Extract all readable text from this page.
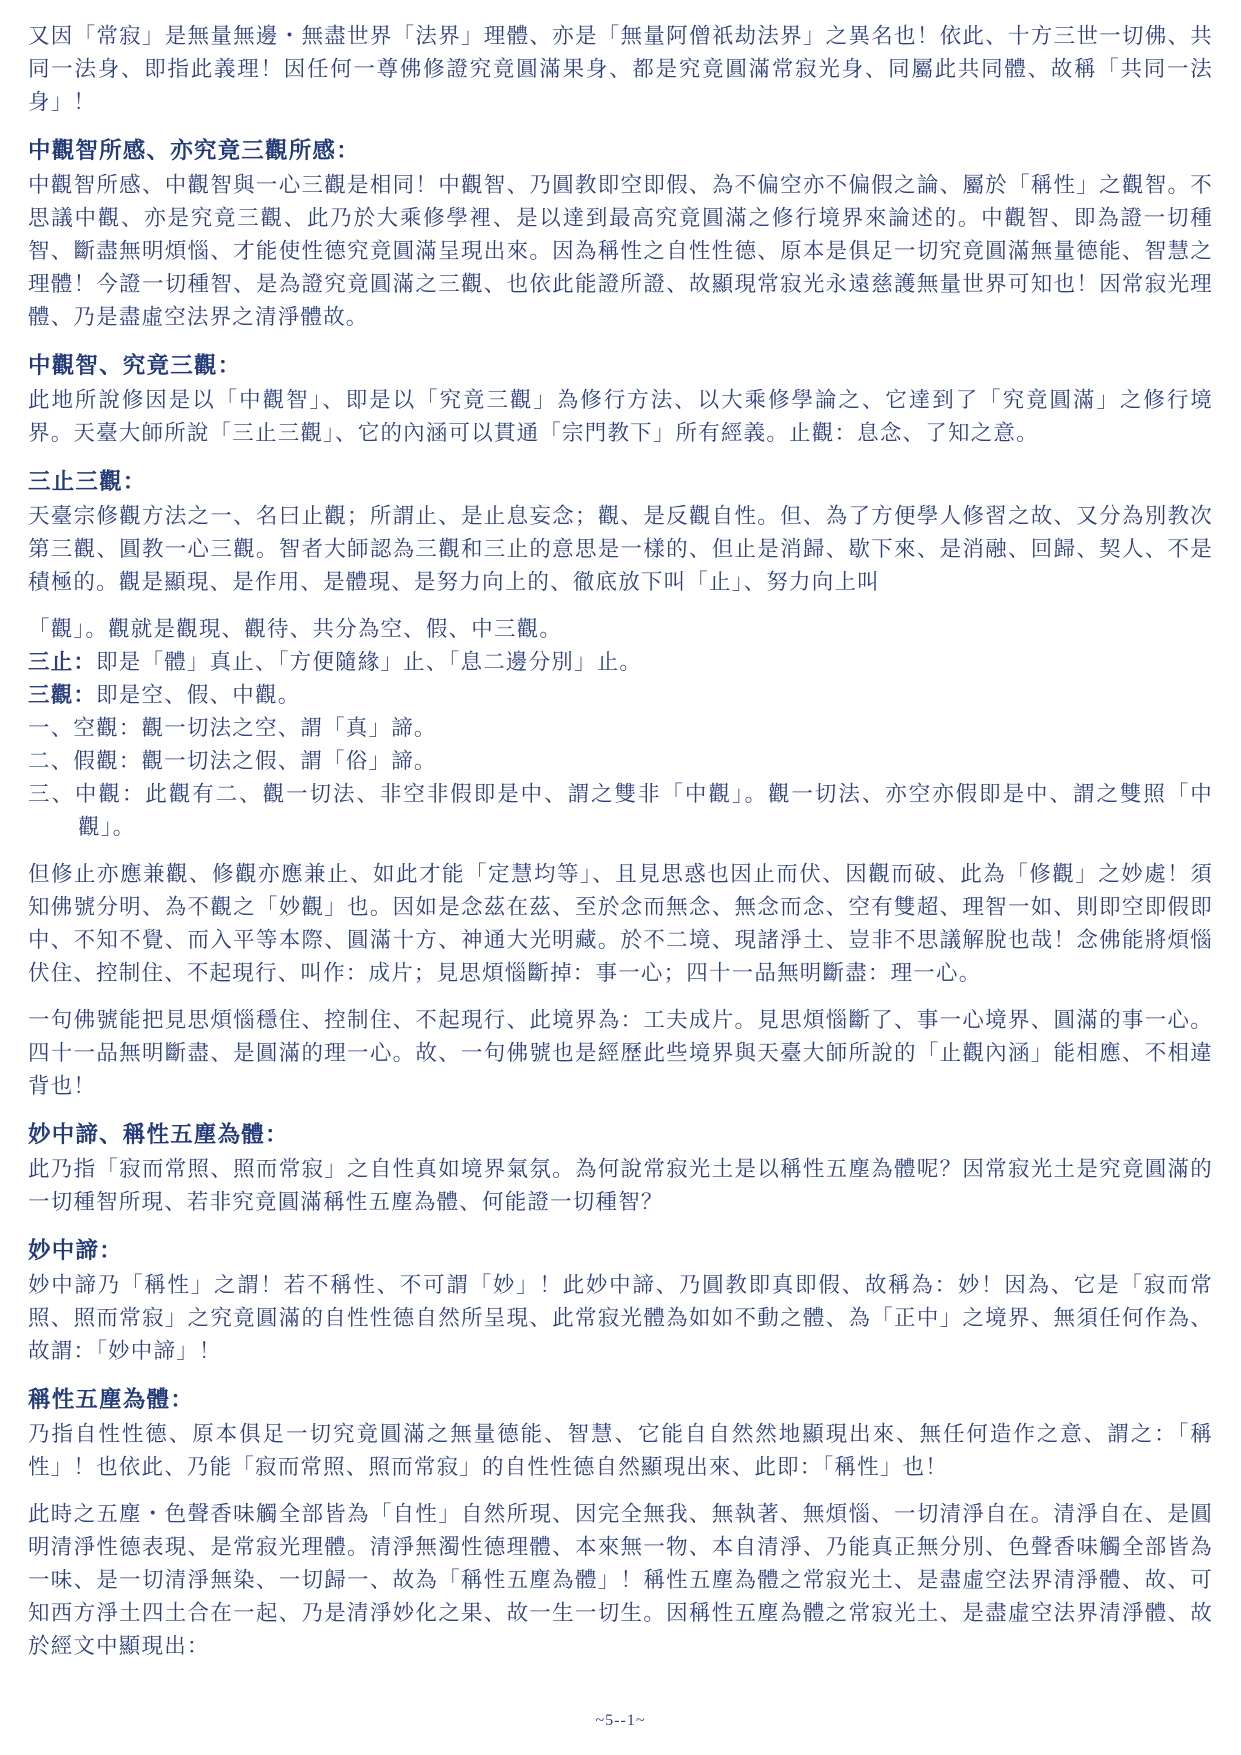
又因「常寂」是無量無邊・無盡世界「法界」理體、亦是「無量阿僧祇劫法界」之異名也！依此、十方三世一切佛、共同一法身、即指此義理！因任何一尊佛修證究竟圓滿果身、都是究竟圓滿常寂光身、同屬此共同體、故稱「共同一法身」！

中觀智所感、亦究竟三觀所感：

中觀智所感、中觀智與一心三觀是相同！中觀智、乃圓教即空即假、為不偏空亦不偏假之論、屬於「稱性」之觀智。不思議中觀、亦是究竟三觀、此乃於大乘修學裡、是以達到最高究竟圓滿之修行境界來論述的。中觀智、即為證一切種智、斷盡無明煩惱、才能使性德究竟圓滿呈現出來。因為稱性之自性性德、原本是俱足一切究竟圓滿無量德能、智慧之理體！今證一切種智、是為證究竟圓滿之三觀、也依此能證所證、故顯現常寂光永遠慈護無量世界可知也！因常寂光理體、乃是盡虛空法界之清淨體故。

中觀智、究竟三觀：

此地所說修因是以「中觀智」、即是以「究竟三觀」為修行方法、以大乘修學論之、它達到了「究竟圓滿」之修行境界。天臺大師所說「三止三觀」、它的內涵可以貫通「宗門教下」所有經義。止觀：息念、了知之意。

三止三觀：

天臺宗修觀方法之一、名曰止觀；所謂止、是止息妄念；觀、是反觀自性。但、為了方便學人修習之故、又分為別教次第三觀、圓教一心三觀。智者大師認為三觀和三止的意思是一樣的、但止是消歸、歇下來、是消融、回歸、契人、不是積極的。觀是顯現、是作用、是體現、是努力向上的、徹底放下叫「止」、努力向上叫

「觀」。觀就是觀現、觀待、共分為空、假、中三觀。

三止：即是「體」真止、「方便隨緣」止、「息二邊分別」止。

三觀：即是空、假、中觀。

一、空觀：觀一切法之空、謂「真」諦。

二、假觀：觀一切法之假、謂「俗」諦。

三、中觀：此觀有二、觀一切法、非空非假即是中、謂之雙非「中觀」。觀一切法、亦空亦假即是中、謂之雙照「中觀」。

但修止亦應兼觀、修觀亦應兼止、如此才能「定慧均等」、且見思惑也因止而伏、因觀而破、此為「修觀」之妙處！須知佛號分明、為不觀之「妙觀」也。因如是念茲在茲、至於念而無念、無念而念、空有雙超、理智一如、則即空即假即中、不知不覺、而入平等本際、圓滿十方、神通大光明藏。於不二境、現諸淨土、豈非不思議解脫也哉！念佛能將煩惱伏住、控制住、不起現行、叫作：成片；見思煩惱斷掉：事一心；四十一品無明斷盡：理一心。

一句佛號能把見思煩惱穩住、控制住、不起現行、此境界為：工夫成片。見思煩惱斷了、事一心境界、圓滿的事一心。四十一品無明斷盡、是圓滿的理一心。故、一句佛號也是經歷此些境界與天臺大師所說的「止觀內涵」能相應、不相違背也！

妙中諦、稱性五塵為體：

此乃指「寂而常照、照而常寂」之自性真如境界氣氛。為何說常寂光土是以稱性五塵為體呢？因常寂光土是究竟圓滿的一切種智所現、若非究竟圓滿稱性五塵為體、何能證一切種智？

妙中諦：

妙中諦乃「稱性」之謂！若不稱性、不可謂「妙」！此妙中諦、乃圓教即真即假、故稱為：妙！因為、它是「寂而常照、照而常寂」之究竟圓滿的自性性德自然所呈現、此常寂光體為如如不動之體、為「正中」之境界、無須任何作為、故謂：「妙中諦」！

稱性五塵為體：

乃指自性性德、原本俱足一切究竟圓滿之無量德能、智慧、它能自自然然地顯現出來、無任何造作之意、謂之：「稱性」！也依此、乃能「寂而常照、照而常寂」的自性性德自然顯現出來、此即：「稱性」也！

此時之五塵・色聲香味觸全部皆為「自性」自然所現、因完全無我、無執著、無煩惱、一切清淨自在。清淨自在、是圓明清淨性德表現、是常寂光理體。清淨無濁性德理體、本來無一物、本自清淨、乃能真正無分別、色聲香味觸全部皆為一味、是一切清淨無染、一切歸一、故為「稱性五塵為體」！稱性五塵為體之常寂光土、是盡虛空法界清淨體、故、可知西方淨土四土合在一起、乃是清淨妙化之果、故一生一切生。因稱性五塵為體之常寂光土、是盡虛空法界清淨體、故於經文中顯現出：

~5--1~
